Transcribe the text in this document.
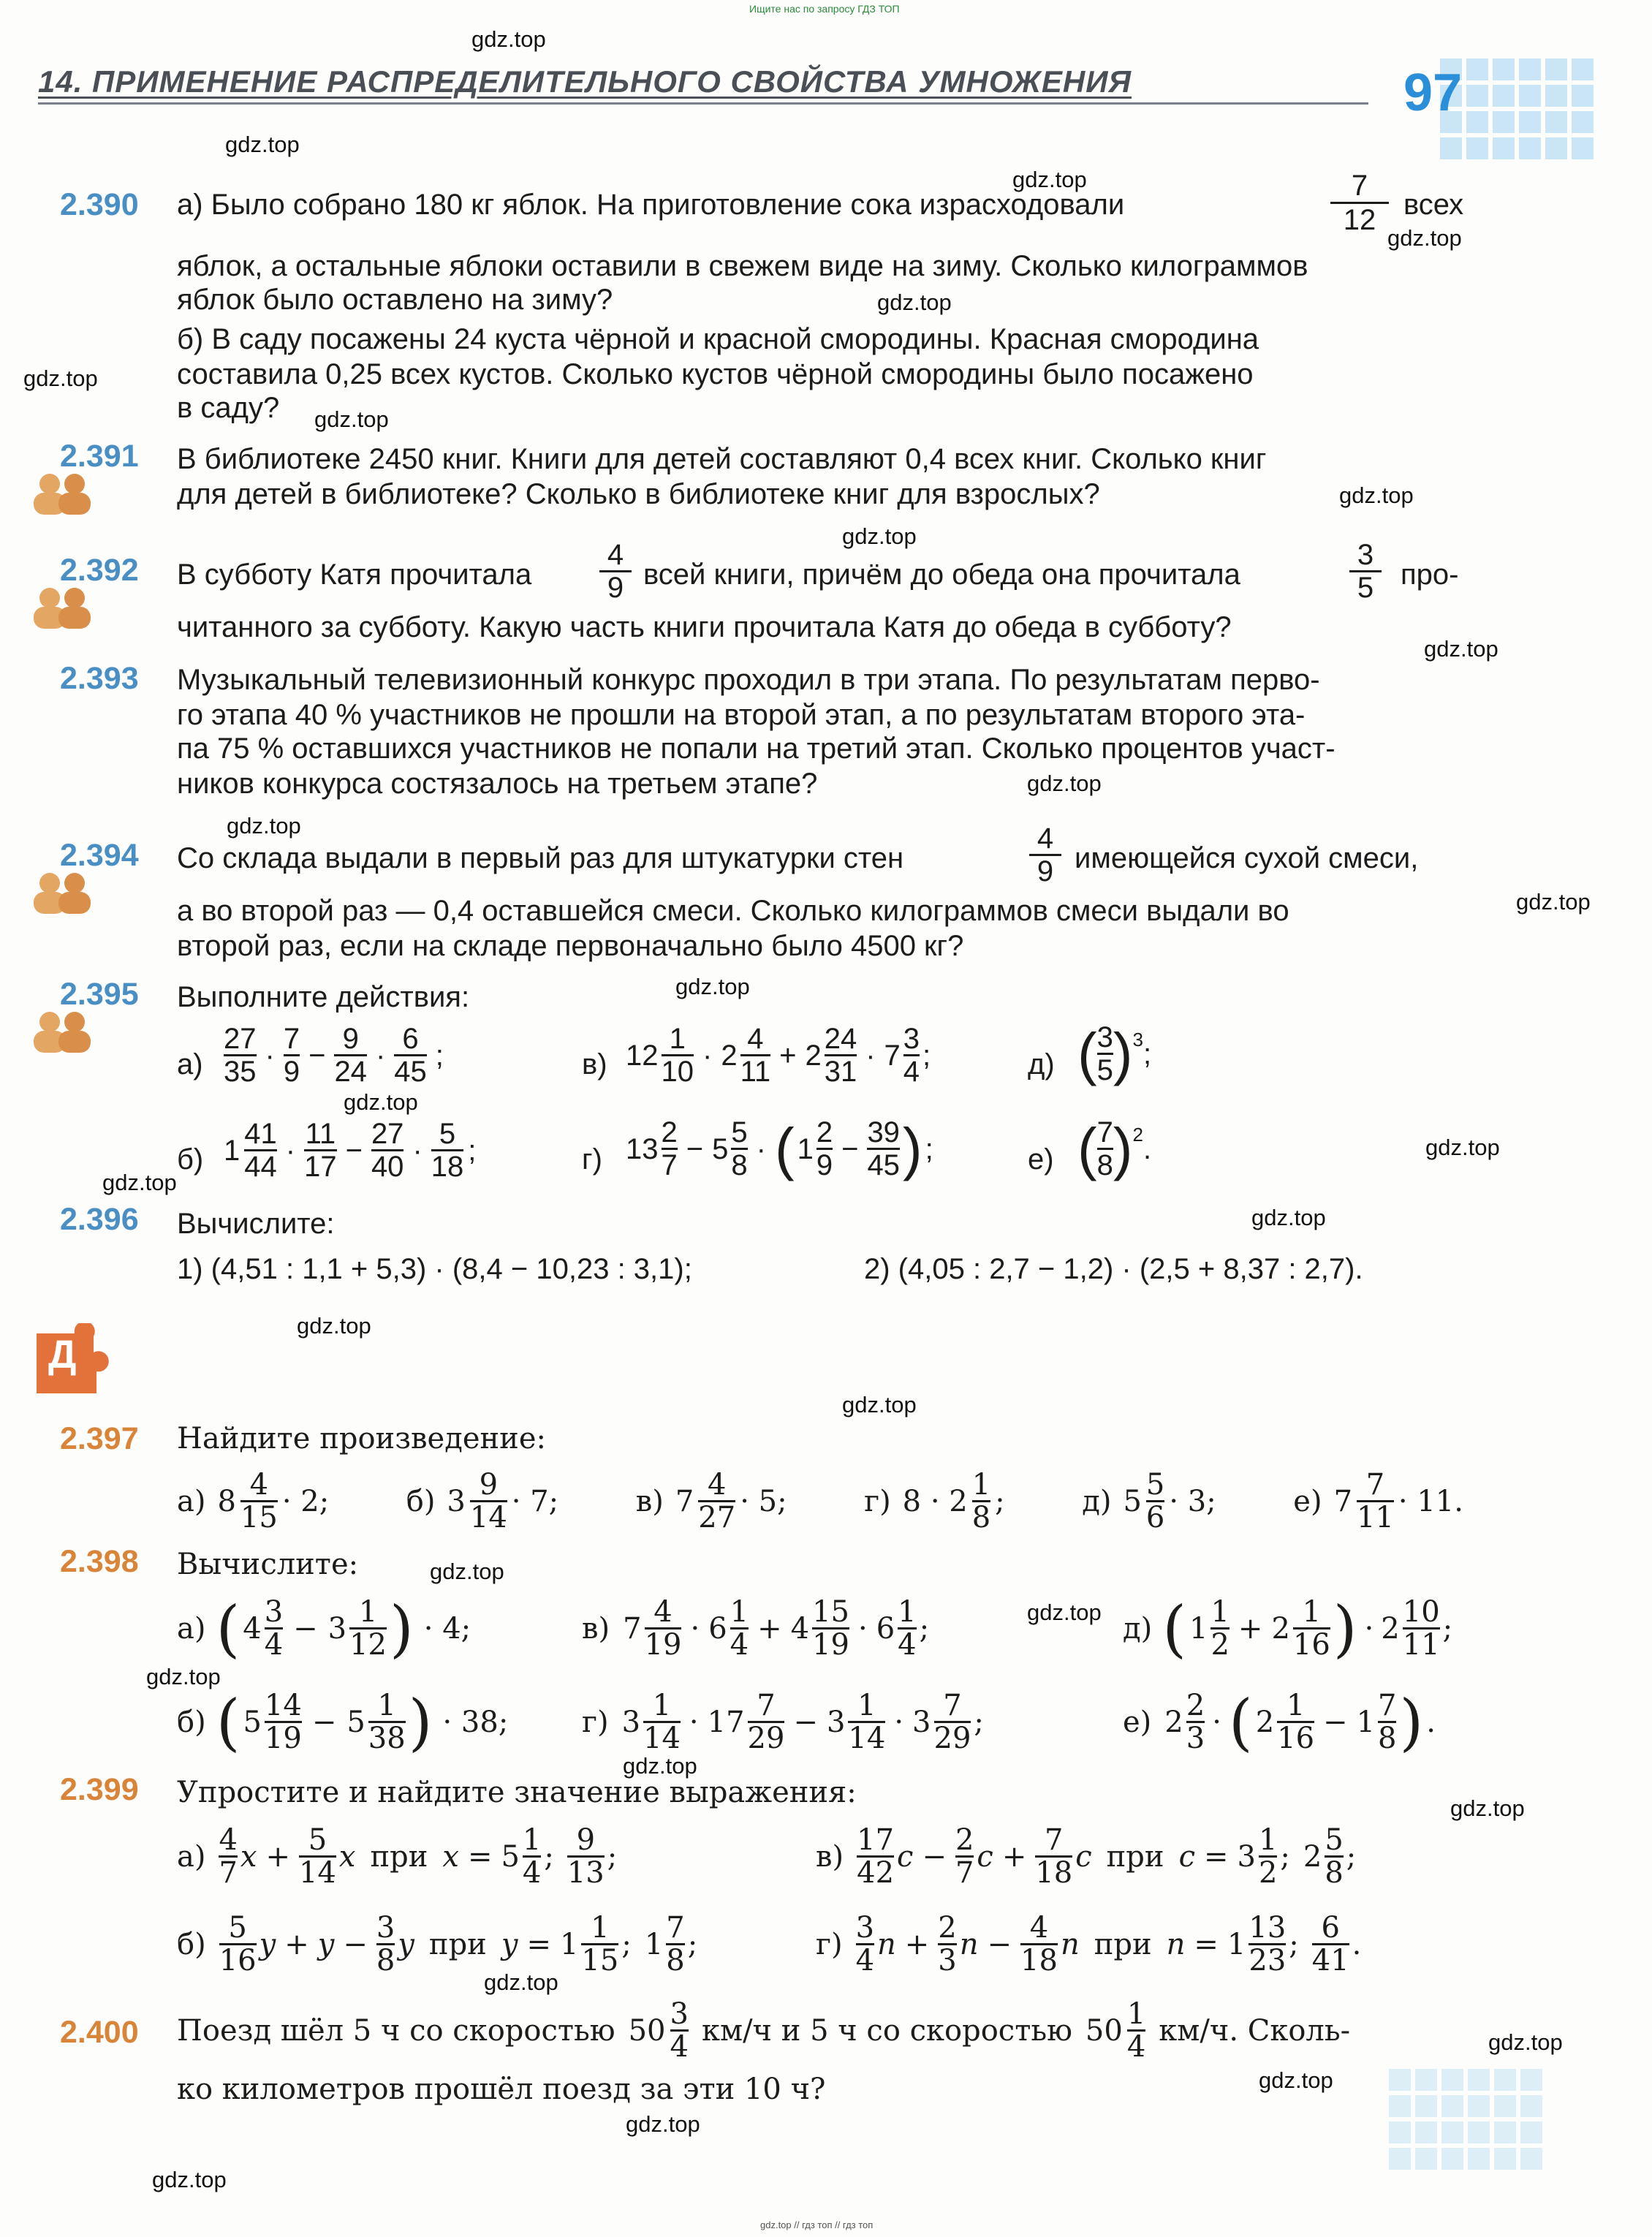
Ищите нас по запросу ГДЗ ТОП
14. ПРИМЕНЕНИЕ РАСПРЕДЕЛИТЕЛЬНОГО СВОЙСТВА УМНОЖЕНИЯ	97
gdz.top
gdz.top
gdz.top
gdz.top
gdz.top
gdz.top
gdz.top
gdz.top
gdz.top
gdz.top
gdz.top
gdz.top
gdz.top
gdz.top
gdz.top
gdz.top
gdz.top
gdz.top
gdz.top
gdz.top
gdz.top
gdz.top
gdz.top
gdz.top
gdz.top
gdz.top
gdz.top
gdz.top
gdz.top
gdz.top
2.390 а) Было собрано 180 кг яблок. На приготовление сока израсходовали
7
12 всех
яблок, а остальные яблоки оставили в свежем виде на зиму. Сколько килограммов
яблок было оставлено на зиму?
б) В саду посажены 24 куста чёрной и красной смородины. Красная смородина
составила 0,25 всех кустов. Сколько кустов чёрной смородины было посажено
в саду?
2.391 В библиотеке 2450 книг. Книги для детей составляют 0,4 всех книг. Сколько книг
для детей в библиотеке? Сколько в библиотеке книг для взрослых?
2.392 В субботу Катя прочитала
4
9 всей книги, причём до обеда она прочитала
3
5 про-
читанного за субботу. Какую часть книги прочитала Катя до обеда в субботу?
2.393 Музыкальный телевизионный конкурс проходил в три этапа. По результатам перво-
го этапа 40 % участников не прошли на второй этап, а по результатам второго эта-
па 75 % оставшихся участников не попали на третий этап. Сколько процентов участ-
ников конкурса состязалось на третьем этапе?
2.394 Со склада выдали в первый раз для штукатурки стен
4
9 имеющейся сухой смеси,
а во второй раз — 0,4 оставшейся смеси. Сколько килограммов смеси выдали во
второй раз, если на складе первоначально было 4500 кг?
2.395 Выполните действия:
а)
27
35
·
7
9
− $\frac{9}{24}$ ·
6
45
;	в) 12
1
10
· 2
4
11
+ 2
24
31
· 7
3
4
;	д) ( 3
5 ) 3 ;
б) 1
41
44
·
11
17
− $\frac{27}{40}$ ·
5
18
;	г) 13
2
7
− 5
5
8
· ( 1
2
9
− $\frac{39}{45}$ ) ;	е) ( 7
8 ) 2 .
2.396 Вычислите:
1) (4,51 : 1,1 + 5,3) · (8,4 − 10,23 : 3,1);	2) (4,05 : 2,7 − 1,2) · (2,5 + 8,37 : 2,7).
Д
2.397 Найдите произведение:
а) 8 4
15 · 2;	б) 3 9
14 · 7;	в) 7 4
27 · 5;	г) 8 · 2 1
8 ;	д) 5 5
6 · 3;	е) 7 7
11 · 11.
2.398 Вычислите:
а) ( 4 3
4 − 3 1
12 ) · 4;	в) 7 4
19 · 6 1
4 + 4 15
19 · 6 1
4 ;	д) ( 1 1
2 + 2 1
16 ) · 2 10
11 ;
б) ( 5 14
19 − 5 1
38 ) · 38;	г) 3 1
14 · 17 7
29 − 3 1
14 · 3 7
29 ;	е) 2 2
3 · ( 2 1
16 − 1 7
8 ) .
2.399 Упростите и найдите значение выражения:
а) 4
7 $x + \frac{5}{14}$ x при x = 5 1
4 ; 9
13 ;	в) 17
42 $c - \frac{2}{7}$ $c + \frac{7}{18}$ c при c = 3 1
2 ; 2 5
8 ;
б) 5
16 $y + y - \frac{3}{8}$ y при y = 1 1
15 ; 1 7
8 ;	г) 3
4 $n + \frac{2}{3}$ $n - \frac{4}{18}$ n при n = 1 13
23 ; 6
41 .
2.400 Поезд шёл 5 ч со скоростью 50 3
4 км/ч и 5 ч со скоростью 50 1
4 км/ч. Сколь-
ко километров прошёл поезд за эти 10 ч?
gdz.top // гдз топ // гдз топ
